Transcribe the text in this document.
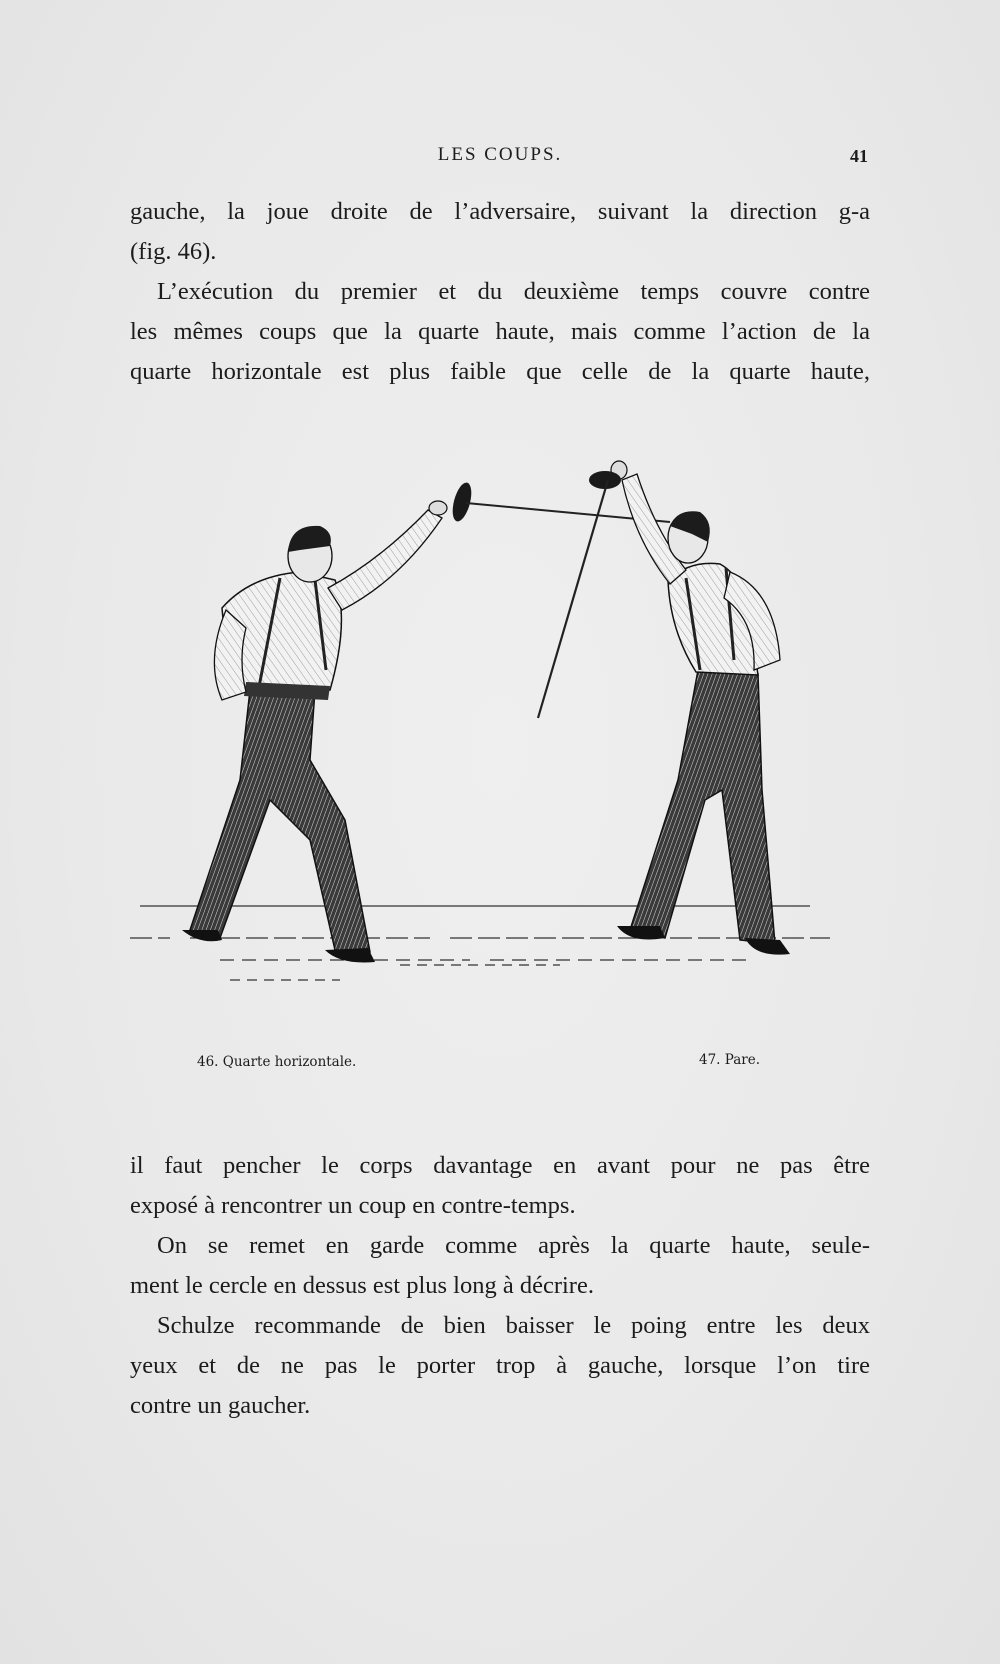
LES COUPS.	41
gauche, la joue droite de l’adversaire, suivant la direction g-a
(fig. 46).
L’exécution du premier et du deuxième temps couvre contre
les mêmes coups que la quarte haute, mais comme l’action de la
quarte horizontale est plus faible que celle de la quarte haute,
46. Quarte horizontale.	47. Pare.
il faut pencher le corps davantage en avant pour ne pas être
exposé à rencontrer un coup en contre-temps.
On se remet en garde comme après la quarte haute, seule-
ment le cercle en dessus est plus long à décrire.
Schulze recommande de bien baisser le poing entre les deux
yeux et de ne pas le porter trop à gauche, lorsque l’on tire
contre un gaucher.
